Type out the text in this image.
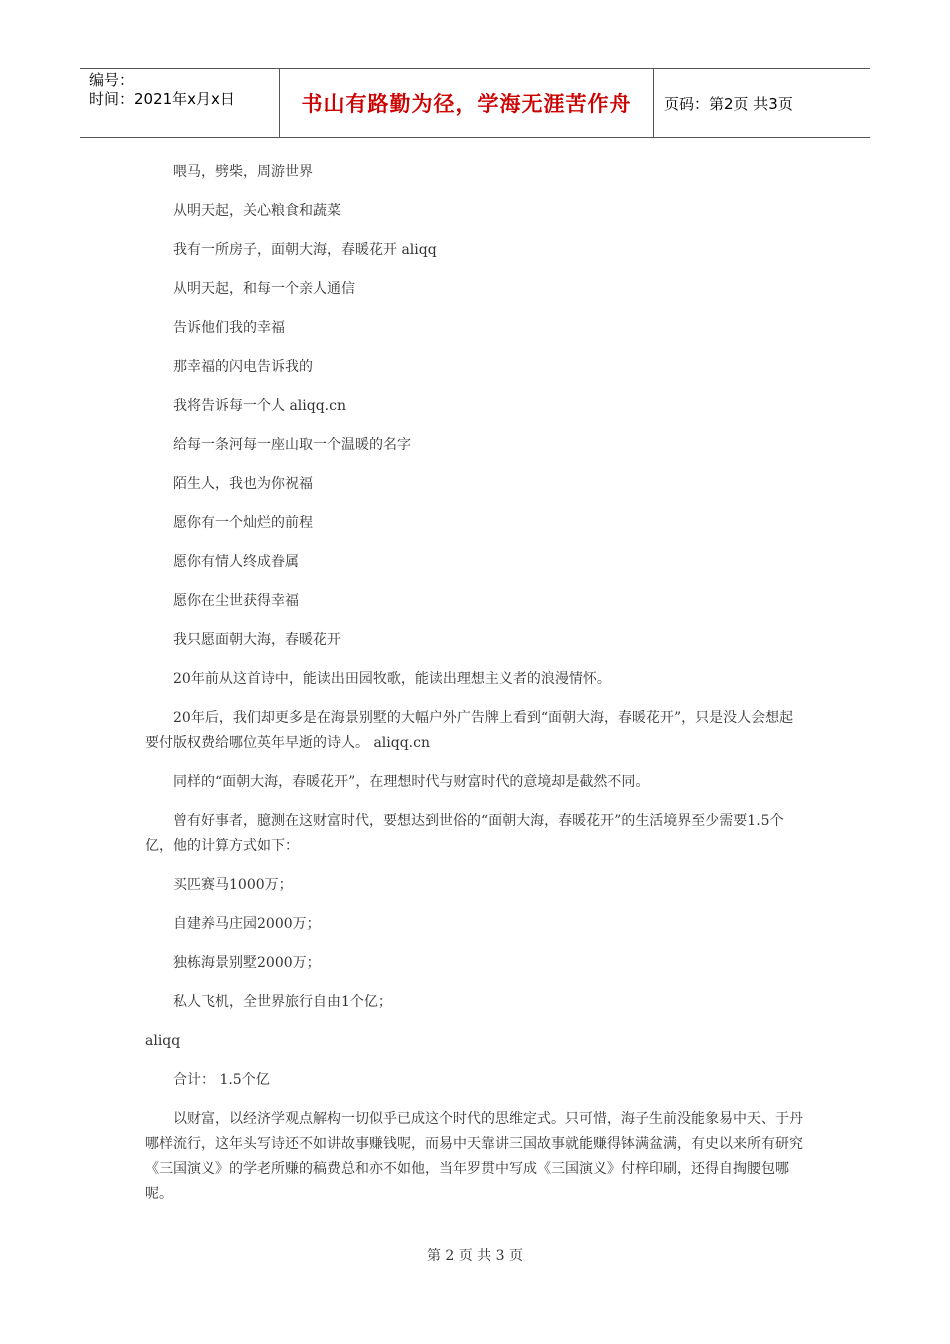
编号：
时间：2021年x月x日	书山有路勤为径，学海无涯苦作舟	页码：第2页 共3页

喂马，劈柴，周游世界

从明天起，关心粮食和蔬菜

我有一所房子，面朝大海，春暖花开 aliqq

从明天起，和每一个亲人通信

告诉他们我的幸福

那幸福的闪电告诉我的

我将告诉每一个人 aliqq.cn

给每一条河每一座山取一个温暖的名字

陌生人，我也为你祝福

愿你有一个灿烂的前程

愿你有情人终成眷属

愿你在尘世获得幸福

我只愿面朝大海，春暖花开

20年前从这首诗中，能读出田园牧歌，能读出理想主义者的浪漫情怀。

20年后，我们却更多是在海景别墅的大幅户外广告牌上看到“面朝大海，春暖花开”，只是没人会想起要付版权费给哪位英年早逝的诗人。 aliqq.cn

同样的“面朝大海，春暖花开”，在理想时代与财富时代的意境却是截然不同。

曾有好事者，臆测在这财富时代，要想达到世俗的“面朝大海，春暖花开”的生活境界至少需要1.5个亿，他的计算方式如下：

买匹赛马1000万；

自建养马庄园2000万；

独栋海景别墅2000万；

私人飞机，全世界旅行自由1个亿；

aliqq

合计： 1.5个亿

以财富，以经济学观点解构一切似乎已成这个时代的思维定式。只可惜，海子生前没能象易中天、于丹哪样流行，这年头写诗还不如讲故事赚钱呢，而易中天靠讲三国故事就能赚得钵满盆满，有史以来所有研究《三国演义》的学老所赚的稿费总和亦不如他，当年罗贯中写成《三国演义》付梓印刷，还得自掏腰包哪呢。

第 2 页 共 3 页
